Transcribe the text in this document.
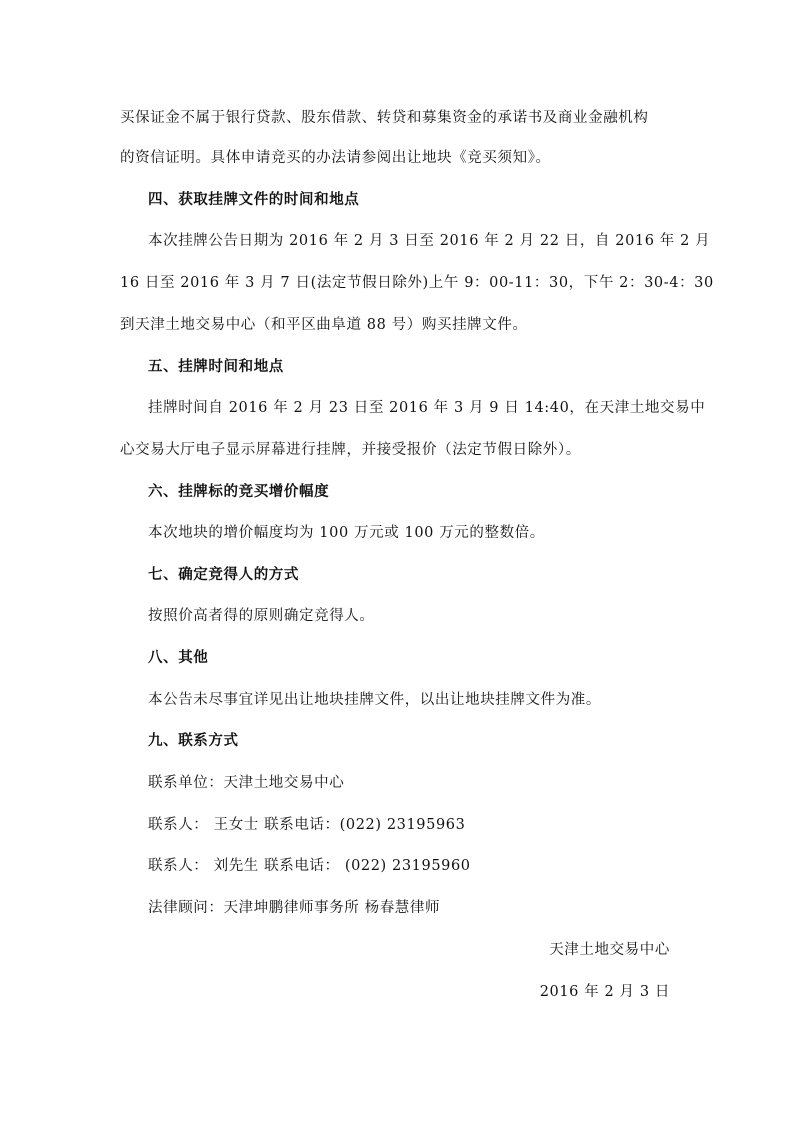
买保证金不属于银行贷款、股东借款、转贷和募集资金的承诺书及商业金融机构
的资信证明。具体申请竞买的办法请参阅出让地块《竞买须知》。
四、获取挂牌文件的时间和地点
本次挂牌公告日期为 2016 年 2 月 3 日至 2016 年 2 月 22 日，自 2016 年 2 月
16 日至 2016 年 3 月 7 日(法定节假日除外)上午 9：00-11：30，下午 2：30-4：30
到天津土地交易中心（和平区曲阜道 88 号）购买挂牌文件。
五、挂牌时间和地点
挂牌时间自 2016 年 2 月 23 日至 2016 年 3 月 9 日 14:40，在天津土地交易中
心交易大厅电子显示屏幕进行挂牌，并接受报价（法定节假日除外）。
六、挂牌标的竞买增价幅度
本次地块的增价幅度均为 100 万元或 100 万元的整数倍。
七、确定竞得人的方式
按照价高者得的原则确定竞得人。
八、其他
本公告未尽事宜详见出让地块挂牌文件，以出让地块挂牌文件为准。
九、联系方式
联系单位：天津土地交易中心
联系人： 王女士 联系电话：(022) 23195963
联系人： 刘先生 联系电话： (022) 23195960
法律顾问：天津坤鹏律师事务所 杨春慧律师
天津土地交易中心
2016 年 2 月 3 日
